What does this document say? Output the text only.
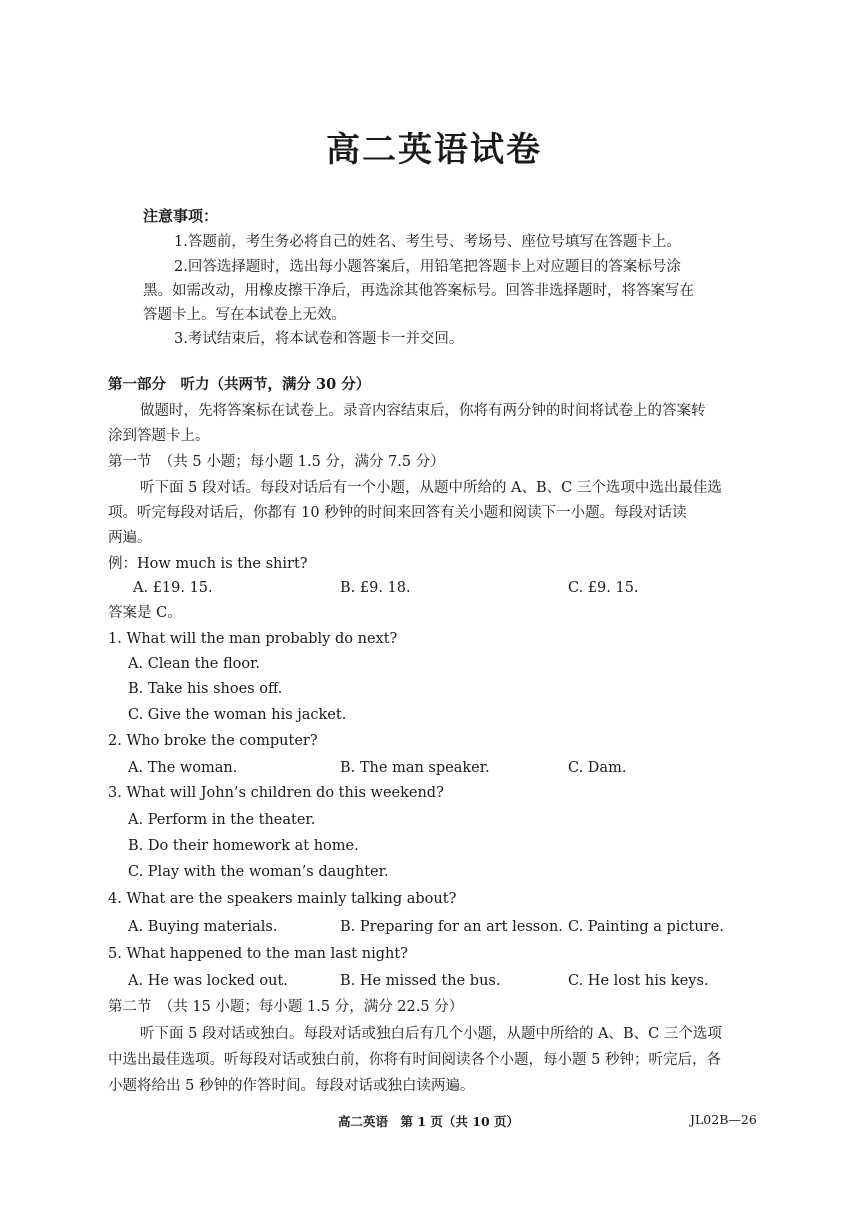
高二英语试卷
注意事项：
1.答题前，考生务必将自己的姓名、考生号、考场号、座位号填写在答题卡上。
2.回答选择题时，选出每小题答案后，用铅笔把答题卡上对应题目的答案标号涂
黑。如需改动，用橡皮擦干净后，再选涂其他答案标号。回答非选择题时，将答案写在
答题卡上。写在本试卷上无效。
3.考试结束后，将本试卷和答题卡一并交回。
第一部分　听力（共两节，满分 30 分）
做题时，先将答案标在试卷上。录音内容结束后，你将有两分钟的时间将试卷上的答案转
涂到答题卡上。
第一节　（共 5 小题；每小题 1.5 分，满分 7.5 分）
听下面 5 段对话。每段对话后有一个小题，从题中所给的 A、B、C 三个选项中选出最佳选
项。听完每段对话后，你都有 10 秒钟的时间来回答有关小题和阅读下一小题。每段对话读
两遍。
例：How much is the shirt?
A. £19. 15.	B. £9. 18.	C. £9. 15.
答案是 C。
1. What will the man probably do next?
A. Clean the floor.
B. Take his shoes off.
C. Give the woman his jacket.
2. Who broke the computer?
A. The woman.	B. The man speaker.	C. Dam.
3. What will John’s children do this weekend?
A. Perform in the theater.
B. Do their homework at home.
C. Play with the woman’s daughter.
4. What are the speakers mainly talking about?
A. Buying materials.	B. Preparing for an art lesson. C. Painting a picture.
5. What happened to the man last night?
A. He was locked out.	B. He missed the bus.	C. He lost his keys.
第二节　（共 15 小题；每小题 1.5 分，满分 22.5 分）
听下面 5 段对话或独白。每段对话或独白后有几个小题，从题中所给的 A、B、C 三个选项
中选出最佳选项。听每段对话或独白前，你将有时间阅读各个小题，每小题 5 秒钟；听完后，各
小题将给出 5 秒钟的作答时间。每段对话或独白读两遍。
高二英语　第 1 页（共 10 页）	JL02B—26
